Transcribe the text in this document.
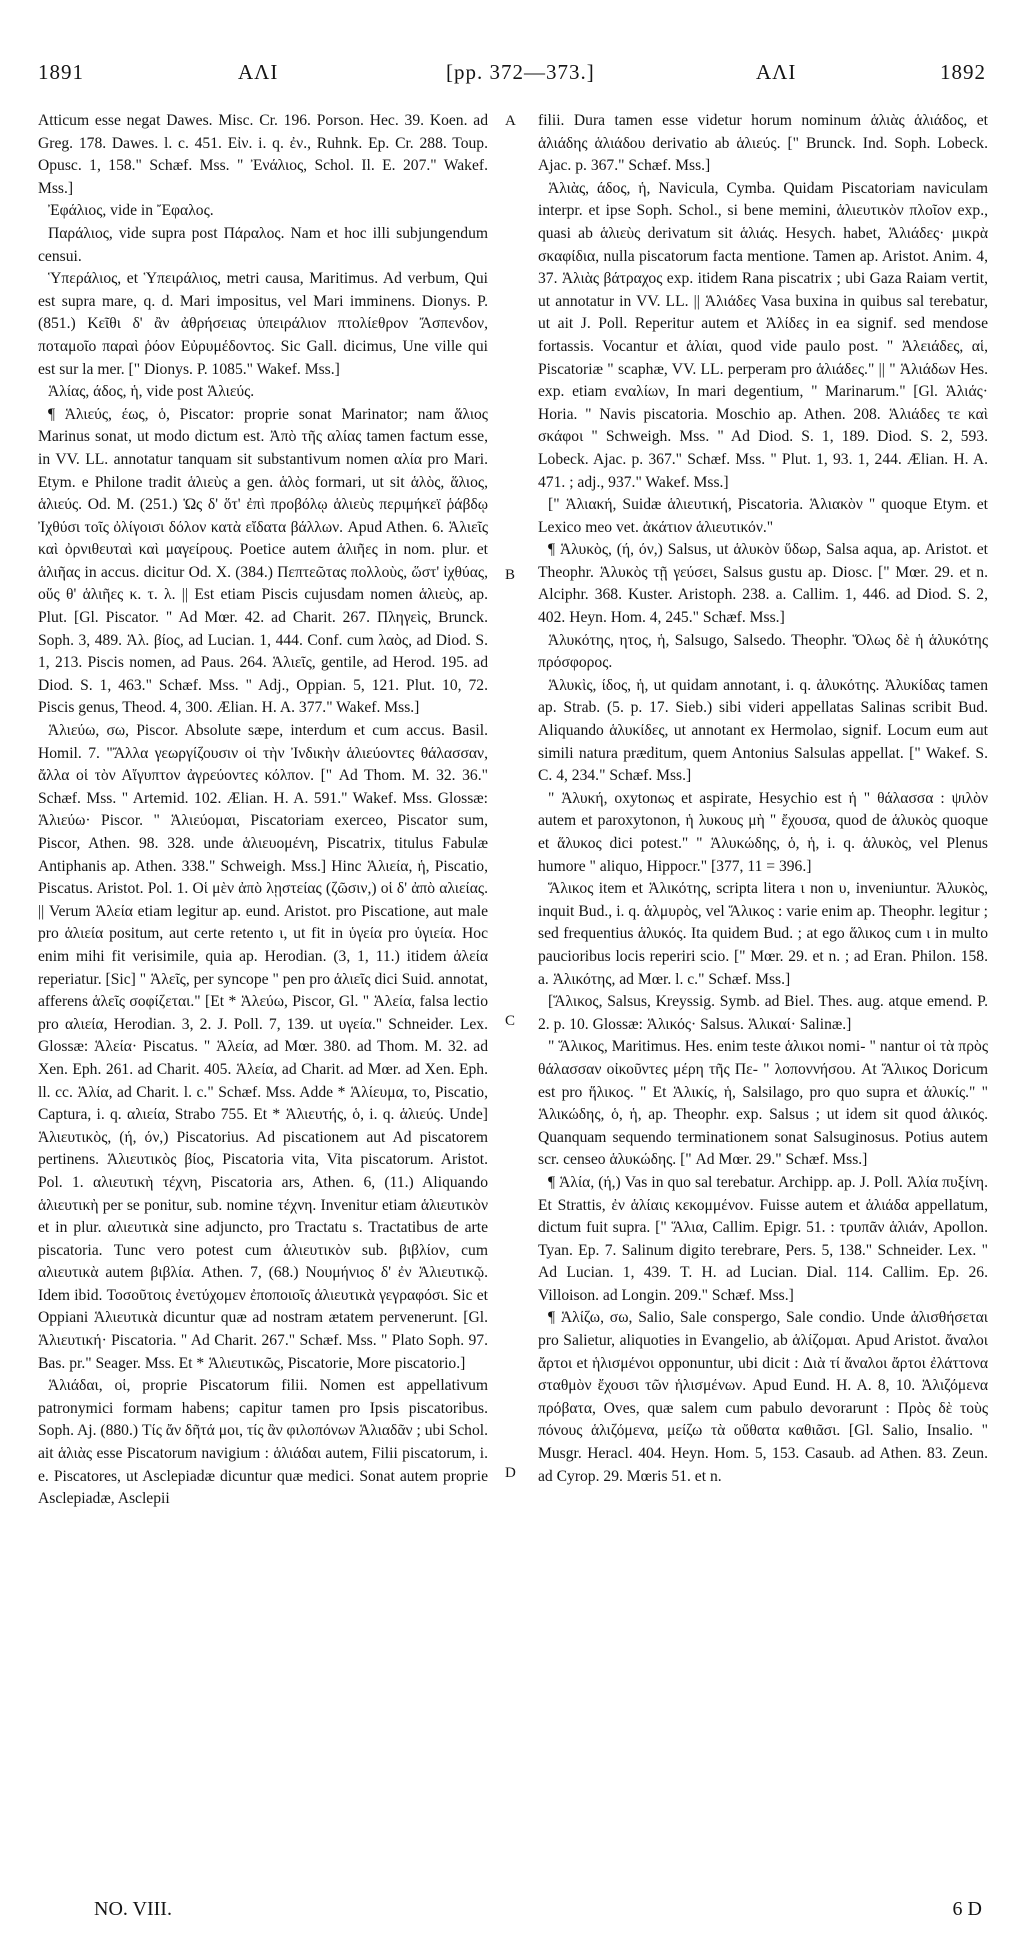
1891	ΑΛΙ	[pp. 372—373.]	ΑΛΙ	1892

Atticum esse negat Dawes. Misc. Cr. 196. Porson. Hec. 39. Koen. ad Greg. 178. Dawes. l. c. 451. Εἰν. i. q. ἐν., Ruhnk. Ep. Cr. 288. Toup. Opusc. 1, 158." Schæf. Mss. " Ἐνάλιος, Schol. Il. E. 207." Wakef. Mss.]

Ἐφάλιος, vide in Ἔφαλος.

Παράλιος, vide supra post Πάραλος. Nam et hoc illi subjungendum censui.

Ὑπεράλιος, et Ὑπειράλιος, metri causa, Maritimus. Ad verbum, Qui est supra mare, q. d. Mari impositus, vel Mari imminens. Dionys. P. (851.) Κεῖθι δ' ἂν ἀθρήσειας ὑπειράλιον πτολίεθρον Ἄσπενδον, ποταμοῖο παραὶ ῥόον Εὐρυμέδοντος. Sic Gall. dicimus, Une ville qui est sur la mer. [" Dionys. P. 1085." Wakef. Mss.]

Ἁλίας, άδος, ἡ, vide post Ἁλιεύς.

¶ Ἁλιεύς, έως, ὁ, Piscator: proprie sonat Marinator; nam ἅλιος Marinus sonat, ut modo dictum est. Ἀπὸ τῆς αλίας tamen factum esse, in VV. LL. annotatur tanquam sit substantivum nomen αλία pro Mari. Etym. e Philone tradit ἁλιεὺς a gen. ἁλὸς formari, ut sit ἁλὸς, ἅλιος, ἁλιεύς. Od. M. (251.) Ὡς δ' ὅτ' ἐπὶ προβόλῳ ἁλιεὺς περιμήκεϊ ῥάβδῳ Ἰχθύσι τοῖς ὀλίγοισι δόλον κατὰ εἴδατα βάλλων. Apud Athen. 6. Ἁλιεῖς καὶ ὀρνιθευταὶ καὶ μαγείρους. Poetice autem ἁλιῆες in nom. plur. et ἁλιῆας in accus. dicitur Od. X. (384.) Πεπτεῶτας πολλοὺς, ὥστ' ἰχθύας, οὕς θ' ἁλιῆες κ. τ. λ. || Est etiam Piscis cujusdam nomen ἁλιεὺς, ap. Plut. [Gl. Piscator. " Ad Mœr. 42. ad Charit. 267. Πληγεὶς, Brunck. Soph. 3, 489. Ἁλ. βίος, ad Lucian. 1, 444. Conf. cum λαὸς, ad Diod. S. 1, 213. Piscis nomen, ad Paus. 264. Ἁλιεῖς, gentile, ad Herod. 195. ad Diod. S. 1, 463." Schæf. Mss. " Adj., Oppian. 5, 121. Plut. 10, 72. Piscis genus, Theod. 4, 300. Ælian. H. A. 377." Wakef. Mss.]

Ἁλιεύω, σω, Piscor. Absolute sæpe, interdum et cum accus. Basil. Homil. 7. "Ἄλλα γεωργίζουσιν οἱ τὴν Ἰνδικὴν ἁλιεύοντες θάλασσαν, ἄλλα οἱ τὸν Αἴγυπτον ἀγρεύοντες κόλπον. [" Ad Thom. M. 32. 36." Schæf. Mss. " Artemid. 102. Ælian. H. A. 591." Wakef. Mss. Glossæ: Ἁλιεύω· Piscor. " Ἁλιεύομαι, Piscatoriam exerceo, Piscator sum, Piscor, Athen. 98. 328. unde ἁλιευομένη, Piscatrix, titulus Fabulæ Antiphanis ap. Athen. 338." Schweigh. Mss.] Hinc Ἁλιεία, ἡ, Piscatio, Piscatus. Aristot. Pol. 1. Οἱ μὲν ἀπὸ λῃστείας (ζῶσιν,) οἱ δ' ἀπὸ αλιείας. || Verum Ἁλεία etiam legitur ap. eund. Aristot. pro Piscatione, aut male pro ἁλιεία positum, aut certe retento ι, ut fit in ὑγεία pro ὑγιεία. Hoc enim mihi fit verisimile, quia ap. Herodian. (3, 1, 11.) itidem ἁλεία reperiatur. [Sic] " Ἁλεῖς, per syncope " pen pro ἁλιεῖς dici Suid. annotat, afferens ἁλεῖς σοφίζεται." [Et * Ἁλεύω, Piscor, Gl. " Ἁλεία, falsa lectio pro αλιεία, Herodian. 3, 2. J. Poll. 7, 139. ut υγεία." Schneider. Lex. Glossæ: Ἁλεία· Piscatus. " Ἁλεία, ad Mœr. 380. ad Thom. M. 32. ad Xen. Eph. 261. ad Charit. 405. Ἁλεία, ad Charit. ad Mœr. ad Xen. Eph. ll. cc. Ἁλία, ad Charit. l. c." Schæf. Mss. Adde * Ἁλίευμα, το, Piscatio, Captura, i. q. αλιεία, Strabo 755. Et * Ἁλιευτής, ὁ, i. q. ἁλιεύς. Unde] Ἁλιευτικὸς, (ή, όν,) Piscatorius. Ad piscationem aut Ad piscatorem pertinens. Ἁλιευτικὸς βίος, Piscatoria vita, Vita piscatorum. Aristot. Pol. 1. αλιευτικὴ τέχνη, Piscatoria ars, Athen. 6, (11.) Aliquando ἁλιευτικὴ per se ponitur, sub. nomine τέχνη. Invenitur etiam ἁλιευτικὸν et in plur. αλιευτικὰ sine adjuncto, pro Tractatu s. Tractatibus de arte piscatoria. Tunc vero potest cum ἁλιευτικὸν sub. βιβλίον, cum αλιευτικὰ autem βιβλία. Athen. 7, (68.) Νουμήνιος δ' ἐν Ἁλιευτικῷ. Idem ibid. Τοσοῦτοις ἐνετύχομεν ἐποποιοῖς ἁλιευτικὰ γεγραφόσι. Sic et Oppiani Ἁλιευτικὰ dicuntur quæ ad nostram ætatem pervenerunt. [Gl. Ἁλιευτική· Piscatoria. " Ad Charit. 267." Schæf. Mss. " Plato Soph. 97. Bas. pr." Seager. Mss. Et * Ἁλιευτικῶς, Piscatorie, More piscatorio.]

Ἁλιάδαι, οἱ, proprie Piscatorum filii. Nomen est appellativum patronymici formam habens; capitur tamen pro Ipsis piscatoribus. Soph. Aj. (880.) Τίς ἄν δῆτά μοι, τίς ἂν φιλοπόνων Ἁλιαδᾶν ; ubi Schol. ait ἁλιὰς esse Piscatorum navigium : ἁλιάδαι autem, Filii piscatorum, i. e. Piscatores, ut Asclepiadæ dicuntur quæ medici. Sonat autem proprie Asclepiadæ, Asclepii

A
B
C
D

filii. Dura tamen esse videtur horum nominum ἁλιὰς ἁλιάδος, et ἁλιάδης ἁλιάδου derivatio ab ἁλιεύς. [" Brunck. Ind. Soph. Lobeck. Ajac. p. 367." Schæf. Mss.]

Ἁλιὰς, άδος, ἡ, Navicula, Cymba. Quidam Piscatoriam naviculam interpr. et ipse Soph. Schol., si bene memini, ἁλιευτικὸν πλοῖον exp., quasi ab ἁλιεὺς derivatum sit ἁλιάς. Hesych. habet, Ἁλιάδες· μικρὰ σκαφίδια, nulla piscatorum facta mentione. Tamen ap. Aristot. Anim. 4, 37. Ἁλιὰς βάτραχος exp. itidem Rana piscatrix ; ubi Gaza Raiam vertit, ut annotatur in VV. LL. || Ἁλιάδες Vasa buxina in quibus sal terebatur, ut ait J. Poll. Reperitur autem et Ἁλίδες in ea signif. sed mendose fortassis. Vocantur et ἁλίαι, quod vide paulo post. " Ἀλειάδες, αἱ, Piscatoriæ " scaphæ, VV. LL. perperam pro ἁλιάδες." || " Ἁλιάδων Hes. exp. etiam εναλίων, In mari degentium, " Marinarum." [Gl. Ἁλιάς· Horia. " Navis piscatoria. Moschio ap. Athen. 208. Ἁλιάδες τε καὶ σκάφοι " Schweigh. Mss. " Ad Diod. S. 1, 189. Diod. S. 2, 593. Lobeck. Ajac. p. 367." Schæf. Mss. " Plut. 1, 93. 1, 244. Ælian. H. A. 471. ; adj., 937." Wakef. Mss.]

[" Ἁλιακή, Suidæ ἁλιευτική, Piscatoria. Ἁλιακὸν " quoque Etym. et Lexico meo vet. ἀκάτιον ἁλιευτικόν."

¶ Ἁλυκὸς, (ή, όν,) Salsus, ut ἁλυκὸν ὕδωρ, Salsa aqua, ap. Aristot. et Theophr. Ἁλυκὸς τῇ γεύσει, Salsus gustu ap. Diosc. [" Mœr. 29. et n. Alciphr. 368. Kuster. Aristoph. 238. a. Callim. 1, 446. ad Diod. S. 2, 402. Heyn. Hom. 4, 245." Schæf. Mss.]

Ἁλυκότης, ητος, ἡ, Salsugo, Salsedo. Theophr. Ὅλως δὲ ἡ ἁλυκότης πρόσφορος.

Ἁλυκὶς, ίδος, ἡ, ut quidam annotant, i. q. ἁλυκότης. Ἁλυκίδας tamen ap. Strab. (5. p. 17. Sieb.) sibi videri appellatas Salinas scribit Bud. Aliquando ἁλυκίδες, ut annotant ex Hermolao, signif. Locum eum aut simili natura præditum, quem Antonius Salsulas appellat. [" Wakef. S. C. 4, 234." Schæf. Mss.]

" Ἁλυκή, oxytonως et aspirate, Hesychio est ἡ " θάλασσα : ψιλὸν autem et paroxytonon, ἡ λυκους μὴ " ἔχουσα, quod de ἁλυκὸς quoque et ἅλυκος dici potest." " Ἁλυκώδης, ὁ, ἡ, i. q. ἁλυκὸς, vel Plenus humore " aliquo, Hippocr." [377, 11 = 396.]

Ἅλικος item et Ἁλικότης, scripta litera ι non υ, inveniuntur. Ἁλυκὸς, inquit Bud., i. q. ἁλμυρὸς, vel Ἅλικος : varie enim ap. Theophr. legitur ; sed frequentius ἁλυκός. Ita quidem Bud. ; at ego ἅλικος cum ι in multo paucioribus locis reperiri scio. [" Mœr. 29. et n. ; ad Eran. Philon. 158. a. Ἁλικότης, ad Mœr. l. c." Schæf. Mss.]

[Ἅλικος, Salsus, Kreyssig. Symb. ad Biel. Thes. aug. atque emend. P. 2. p. 10. Glossæ: Ἁλικός· Salsus. Ἁλικαί· Salinæ.]

" Ἅλικος, Maritimus. Hes. enim teste ἁλικοι nomi- " nantur οἱ τὰ πρὸς θάλασσαν οἰκοῦντες μέρη τῆς Πε- " λοποννήσου. At Ἅλικος Doricum est pro ἥλικος. " Et Ἁλικίς, ἡ, Salsilago, pro quo supra et ἁλυκίς." " Ἁλικώδης, ὁ, ἡ, ap. Theophr. exp. Salsus ; ut idem sit quod ἁλικός. Quanquam sequendo terminationem sonat Salsuginosus. Potius autem scr. censeo ἁλυκώδης. [" Ad Mœr. 29." Schæf. Mss.]

¶ Ἁλία, (ή,) Vas in quo sal terebatur. Archipp. ap. J. Poll. Ἁλία πυξίνη. Et Strattis, ἐν ἁλίαις κεκομμένον. Fuisse autem et ἁλιάδα appellatum, dictum fuit supra. [" Ἅλια, Callim. Epigr. 51. : τρυπᾶν ἁλιάν, Apollon. Tyan. Ep. 7. Salinum digito terebrare, Pers. 5, 138." Schneider. Lex. " Ad Lucian. 1, 439. T. H. ad Lucian. Dial. 114. Callim. Ep. 26. Villoison. ad Longin. 209." Schæf. Mss.]

¶ Ἁλίζω, σω, Salio, Sale conspergo, Sale condio. Unde ἁλισθήσεται pro Salietur, aliquoties in Evangelio, ab ἁλίζομαι. Apud Aristot. ἄναλοι ἄρτοι et ἡλισμένοι opponuntur, ubi dicit : Διὰ τί ἄναλοι ἄρτοι ἐλάττονα σταθμὸν ἔχουσι τῶν ἡλισμένων. Apud Eund. H. A. 8, 10. Ἁλιζόμενα πρόβατα, Oves, quæ salem cum pabulo devorarunt : Πρὸς δὲ τοὺς πόνους ἁλιζόμενα, μείζω τὰ οὔθατα καθιᾶσι. [Gl. Salio, Insalio. " Musgr. Heracl. 404. Heyn. Hom. 5, 153. Casaub. ad Athen. 83. Zeun. ad Cyrop. 29. Mœris 51. et n.

NO. VIII.	6 D
